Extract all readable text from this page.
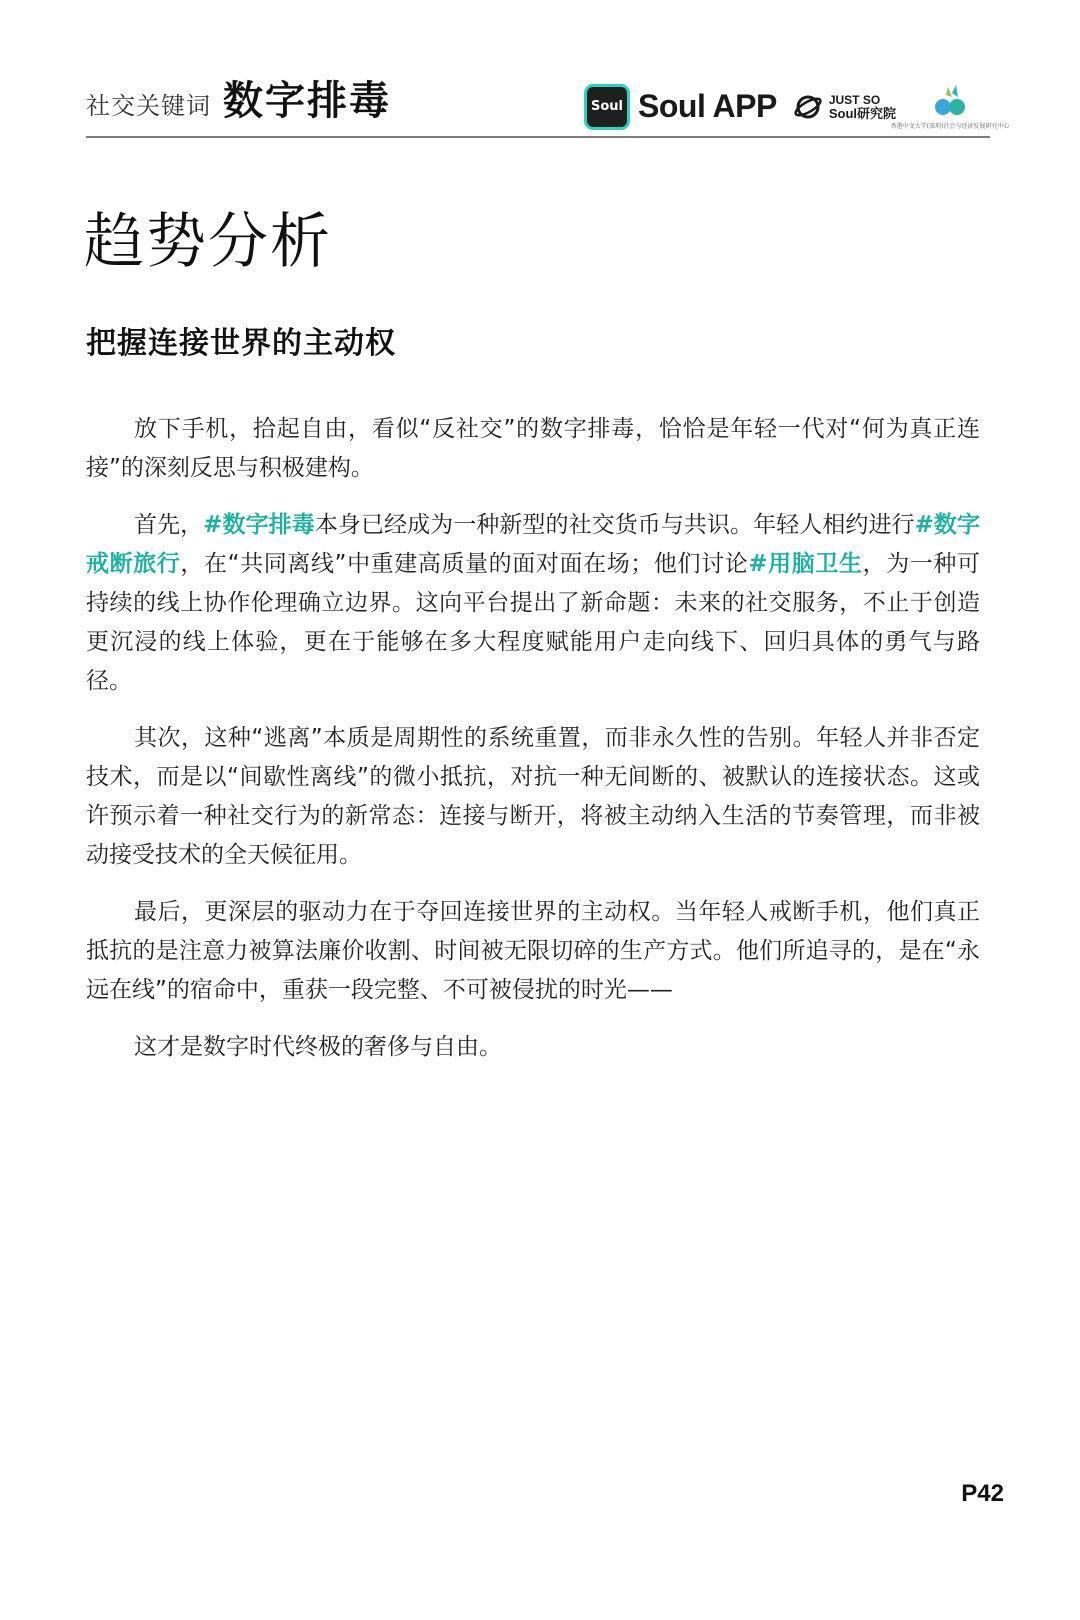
社交关键词 数字排毒	Soul Soul APP	JUST SO
Soul研究院
香港中文大学(深圳)社会与经济发展研究中心
趋势分析
把握连接世界的主动权

放下手机，拾起自由，看似“反社交”的数字排毒，恰恰是年轻一代对“何为真正连接”的深刻反思与积极建构。

首先，#数字排毒本身已经成为一种新型的社交货币与共识。年轻人相约进行#数字戒断旅行，在“共同离线”中重建高质量的面对面在场；他们讨论#用脑卫生，为一种可持续的线上协作伦理确立边界。这向平台提出了新命题：未来的社交服务，不止于创造更沉浸的线上体验，更在于能够在多大程度赋能用户走向线下、回归具体的勇气与路径。

其次，这种“逃离”本质是周期性的系统重置，而非永久性的告别。年轻人并非否定技术，而是以“间歇性离线”的微小抵抗，对抗一种无间断的、被默认的连接状态。这或许预示着一种社交行为的新常态：连接与断开，将被主动纳入生活的节奏管理，而非被动接受技术的全天候征用。

最后，更深层的驱动力在于夺回连接世界的主动权。当年轻人戒断手机，他们真正抵抗的是注意力被算法廉价收割、时间被无限切碎的生产方式。他们所追寻的，是在“永远在线”的宿命中，重获一段完整、不可被侵扰的时光——

这才是数字时代终极的奢侈与自由。

P42
